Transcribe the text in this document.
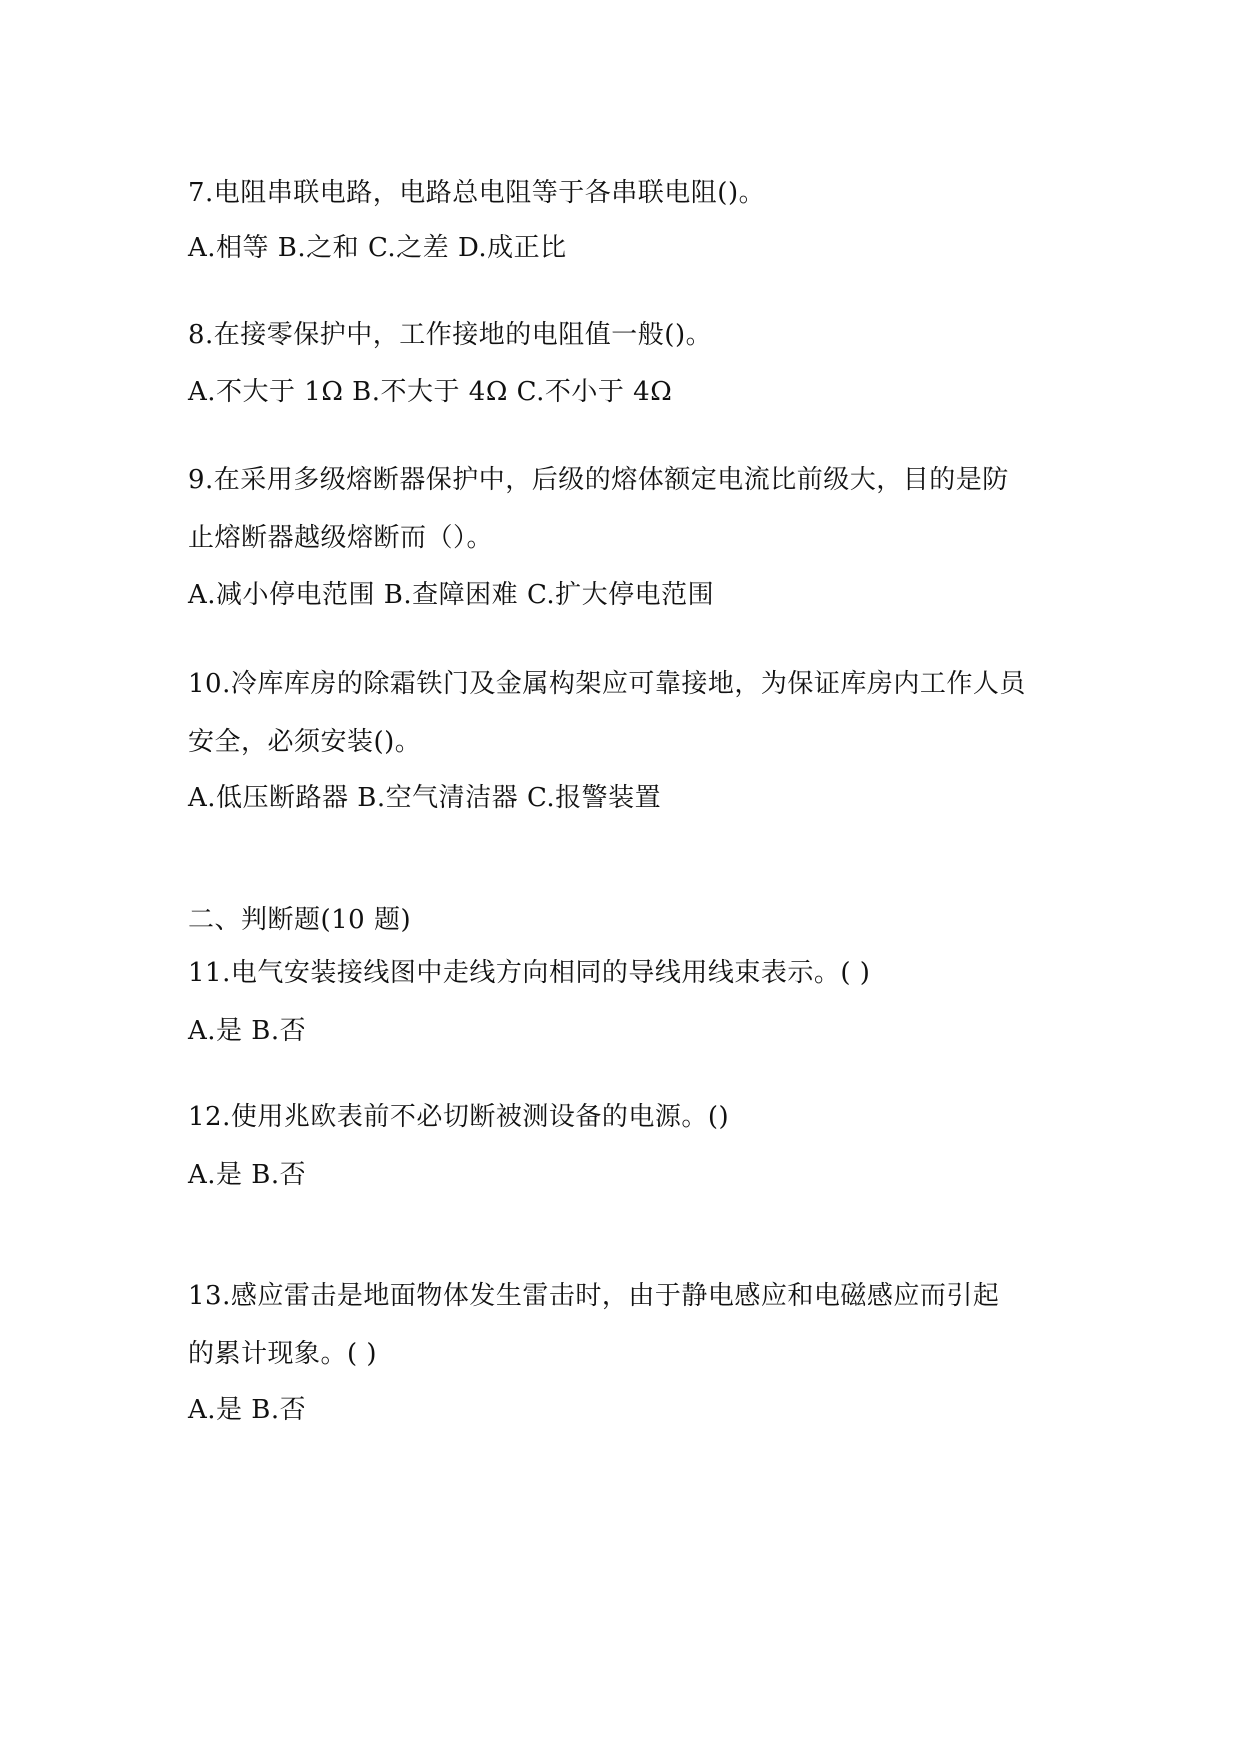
7.电阻串联电路，电路总电阻等于各串联电阻()。
A.相等 B.之和 C.之差 D.成正比
8.在接零保护中，工作接地的电阻值一般()。
A.不大于 1Ω B.不大于 4Ω C.不小于 4Ω
9.在采用多级熔断器保护中，后级的熔体额定电流比前级大，目的是防
止熔断器越级熔断而（）。
A.减小停电范围 B.查障困难 C.扩大停电范围
10.冷库库房的除霜铁门及金属构架应可靠接地，为保证库房内工作人员
安全，必须安装()。
A.低压断路器 B.空气清洁器 C.报警装置
二、判断题(10 题)
11.电气安装接线图中走线方向相同的导线用线束表示。( )
A.是 B.否
12.使用兆欧表前不必切断被测设备的电源。()
A.是 B.否
13.感应雷击是地面物体发生雷击时，由于静电感应和电磁感应而引起
的累计现象。( )
A.是 B.否
